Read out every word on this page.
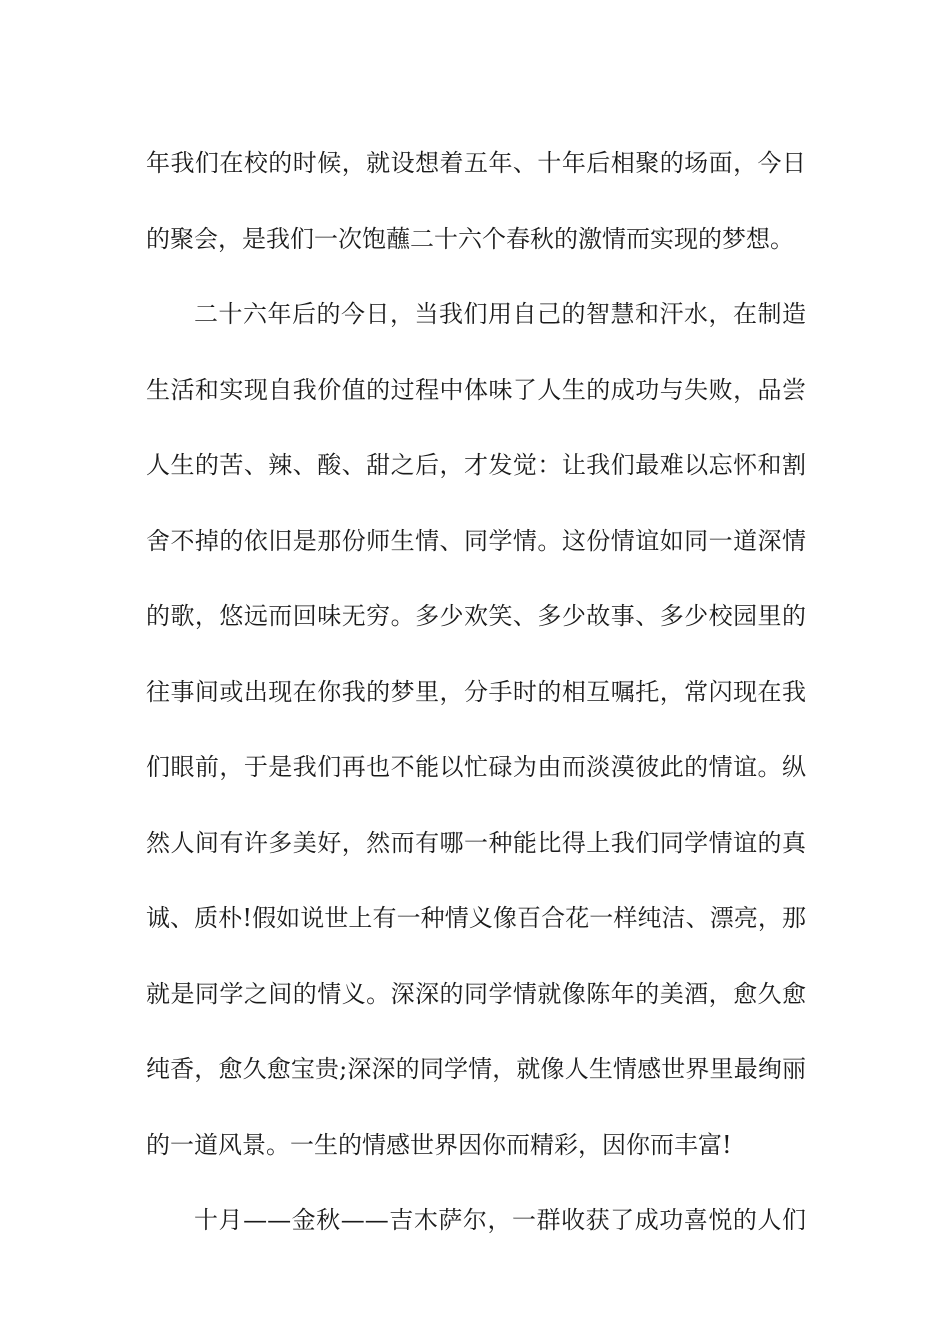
年我们在校的时候，就设想着五年、十年后相聚的场面，今日
的聚会，是我们一次饱蘸二十六个春秋的激情而实现的梦想。
二十六年后的今日，当我们用自己的智慧和汗水，在制造
生活和实现自我价值的过程中体味了人生的成功与失败，品尝
人生的苦、辣、酸、甜之后，才发觉：让我们最难以忘怀和割
舍不掉的依旧是那份师生情、同学情。这份情谊如同一道深情
的歌，悠远而回味无穷。多少欢笑、多少故事、多少校园里的
往事间或出现在你我的梦里，分手时的相互嘱托，常闪现在我
们眼前，于是我们再也不能以忙碌为由而淡漠彼此的情谊。纵
然人间有许多美好，然而有哪一种能比得上我们同学情谊的真
诚、质朴!假如说世上有一种情义像百合花一样纯洁、漂亮，那
就是同学之间的情义。深深的同学情就像陈年的美酒，愈久愈
纯香，愈久愈宝贵;深深的同学情，就像人生情感世界里最绚丽
的一道风景。一生的情感世界因你而精彩，因你而丰富!
十月——金秋——吉木萨尔，一群收获了成功喜悦的人们
